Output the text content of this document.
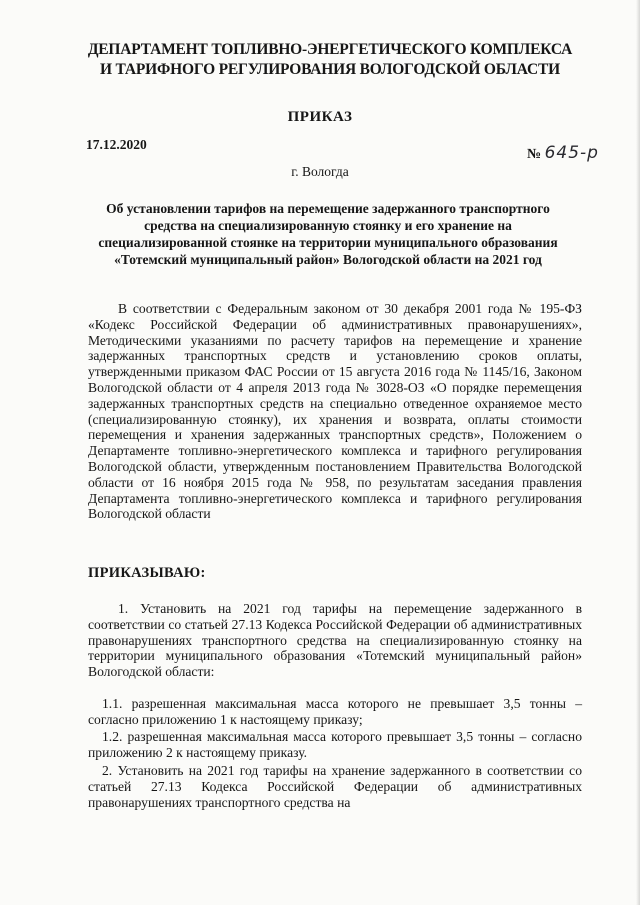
ДЕПАРТАМЕНТ ТОПЛИВНО-ЭНЕРГЕТИЧЕСКОГО КОМПЛЕКСА
И ТАРИФНОГО РЕГУЛИРОВАНИЯ ВОЛОГОДСКОЙ ОБЛАСТИ
ПРИКАЗ
17.12.2020
№ 645-р
г. Вологда
Об установлении тарифов на перемещение задержанного транспортного средства на специализированную стоянку и его хранение на специализированной стоянке на территории муниципального образования «Тотемский муниципальный район» Вологодской области на 2021 год
В соответствии с Федеральным законом от 30 декабря 2001 года № 195-ФЗ «Кодекс Российской Федерации об административных правонарушениях», Методическими указаниями по расчету тарифов на перемещение и хранение задержанных транспортных средств и установлению сроков оплаты, утвержденными приказом ФАС России от 15 августа 2016 года № 1145/16, Законом Вологодской области от 4 апреля 2013 года № 3028-ОЗ «О порядке перемещения задержанных транспортных средств на специально отведенное охраняемое место (специализированную стоянку), их хранения и возврата, оплаты стоимости перемещения и хранения задержанных транспортных средств», Положением о Департаменте топливно-энергетического комплекса и тарифного регулирования Вологодской области, утвержденным постановлением Правительства Вологодской области от 16 ноября 2015 года № 958, по результатам заседания правления Департамента топливно-энергетического комплекса и тарифного регулирования Вологодской области
ПРИКАЗЫВАЮ:
1. Установить на 2021 год тарифы на перемещение задержанного в соответствии со статьей 27.13 Кодекса Российской Федерации об административных правонарушениях транспортного средства на специализированную стоянку на территории муниципального образования «Тотемский муниципальный район» Вологодской области:
1.1. разрешенная максимальная масса которого не превышает 3,5 тонны – согласно приложению 1 к настоящему приказу;
1.2. разрешенная максимальная масса которого превышает 3,5 тонны – согласно приложению 2 к настоящему приказу.
2. Установить на 2021 год тарифы на хранение задержанного в соответствии со статьей 27.13 Кодекса Российской Федерации об административных правонарушениях транспортного средства на
